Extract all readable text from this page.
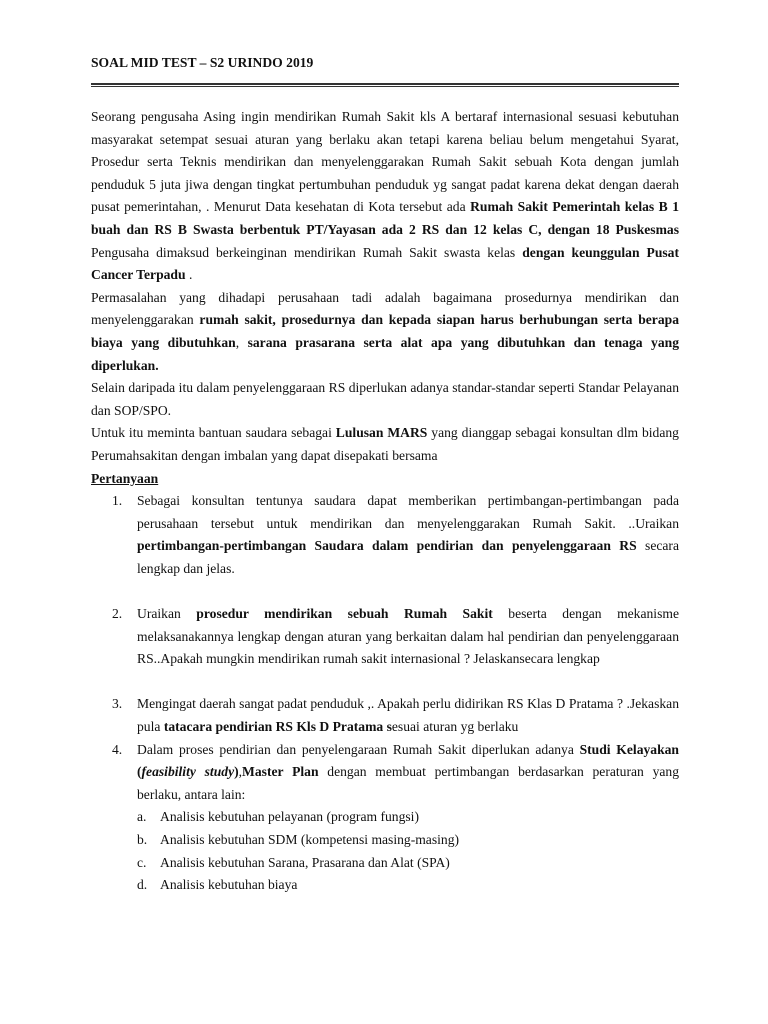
SOAL MID TEST – S2 URINDO 2019
Seorang pengusaha Asing ingin mendirikan Rumah Sakit kls A bertaraf internasional sesuasi kebutuhan masyarakat setempat sesuai aturan yang berlaku akan tetapi karena beliau belum mengetahui Syarat, Prosedur serta Teknis mendirikan dan menyelenggarakan Rumah Sakit sebuah Kota dengan jumlah penduduk 5 juta jiwa dengan tingkat pertumbuhan penduduk yg sangat padat karena dekat dengan daerah pusat pemerintahan, . Menurut Data kesehatan di Kota tersebut ada Rumah Sakit Pemerintah kelas B 1 buah dan RS B Swasta berbentuk PT/Yayasan ada 2 RS dan 12 kelas C, dengan 18 Puskesmas Pengusaha dimaksud berkeinginan mendirikan Rumah Sakit swasta kelas dengan keunggulan Pusat Cancer Terpadu .
Permasalahan yang dihadapi perusahaan tadi adalah bagaimana prosedurnya mendirikan dan menyelenggarakan rumah sakit, prosedurnya dan kepada siapan harus berhubungan serta berapa biaya yang dibutuhkan, sarana prasarana serta alat apa yang dibutuhkan dan tenaga yang diperlukan.
Selain daripada itu dalam penyelenggaraan RS diperlukan adanya standar-standar seperti Standar Pelayanan dan SOP/SPO.
Untuk itu meminta bantuan saudara sebagai Lulusan MARS yang dianggap sebagai konsultan dlm bidang Perumahsakitan dengan imbalan yang dapat disepakati bersama
Pertanyaan
1. Sebagai konsultan tentunya saudara dapat memberikan pertimbangan-pertimbangan pada perusahaan tersebut untuk mendirikan dan menyelenggarakan Rumah Sakit. ..Uraikan pertimbangan-pertimbangan Saudara dalam pendirian dan penyelenggaraan RS secara lengkap dan jelas.
2. Uraikan prosedur mendirikan sebuah Rumah Sakit beserta dengan mekanisme melaksanakannya lengkap dengan aturan yang berkaitan dalam hal pendirian dan penyelenggaraan RS..Apakah mungkin mendirikan rumah sakit internasional ? Jelaskansecara lengkap
3. Mengingat daerah sangat padat penduduk ,. Apakah perlu didirikan RS Klas D Pratama ? .Jekaskan pula tatacara pendirian RS Kls D Pratama sesuai aturan yg berlaku
4. Dalam proses pendirian dan penyelengaraan Rumah Sakit diperlukan adanya Studi Kelayakan (feasibility study),Master Plan dengan membuat pertimbangan berdasarkan peraturan yang berlaku, antara lain:
a. Analisis kebutuhan pelayanan (program fungsi)
b. Analisis kebutuhan SDM (kompetensi masing-masing)
c. Analisis kebutuhan Sarana, Prasarana dan Alat (SPA)
d. Analisis kebutuhan biaya
